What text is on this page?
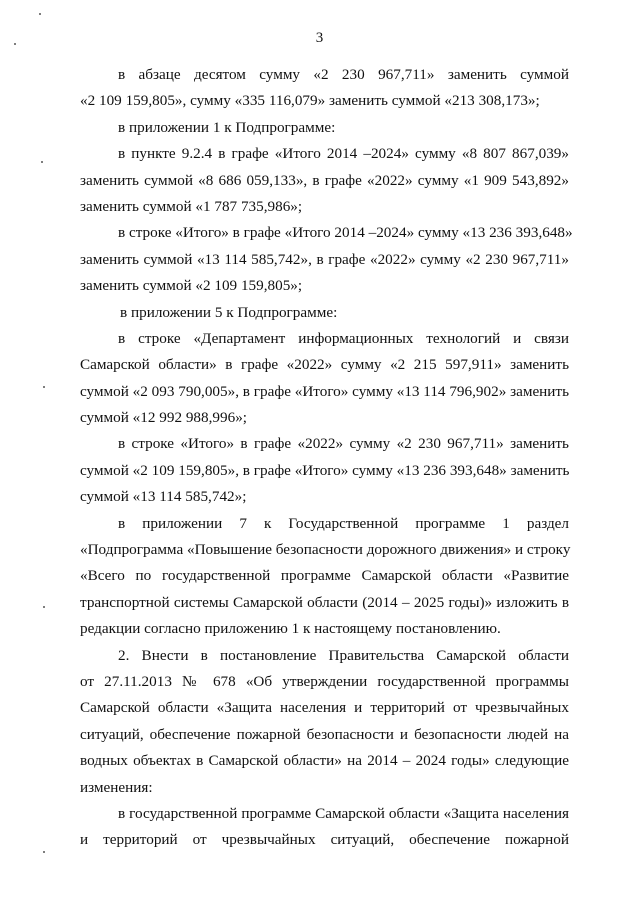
3
в абзаце десятом сумму «2 230 967,711» заменить суммой
«2 109 159,805», сумму «335 116,079» заменить суммой «213 308,173»;
в приложении 1 к Подпрограмме:
в пункте 9.2.4 в графе «Итого 2014 –2024» сумму «8 807 867,039»
заменить суммой «8 686 059,133», в графе «2022» сумму «1 909 543,892»
заменить суммой «1 787 735,986»;
в строке «Итого» в графе «Итого 2014 –2024» сумму «13 236 393,648»
заменить суммой «13 114 585,742», в графе «2022» сумму «2 230 967,711»
заменить суммой «2 109 159,805»;
в приложении 5 к Подпрограмме:
в строке «Департамент информационных технологий и связи
Самарской области» в графе «2022» сумму «2 215 597,911» заменить
суммой «2 093 790,005», в графе «Итого» сумму «13 114 796,902» заменить
суммой «12 992 988,996»;
в строке «Итого» в графе «2022» сумму «2 230 967,711» заменить
суммой «2 109 159,805», в графе «Итого» сумму «13 236 393,648» заменить
суммой «13 114 585,742»;
в приложении 7 к Государственной программе 1 раздел
«Подпрограмма «Повышение безопасности дорожного движения» и строку
«Всего по государственной программе Самарской области «Развитие
транспортной системы Самарской области (2014 – 2025 годы)» изложить в
редакции согласно приложению 1 к настоящему постановлению.
2. Внести в постановление Правительства Самарской области
от 27.11.2013 № 678 «Об утверждении государственной программы
Самарской области «Защита населения и территорий от чрезвычайных
ситуаций, обеспечение пожарной безопасности и безопасности людей на
водных объектах в Самарской области» на 2014 – 2024 годы» следующие
изменения:
в государственной программе Самарской области «Защита населения
и территорий от чрезвычайных ситуаций, обеспечение пожарной
